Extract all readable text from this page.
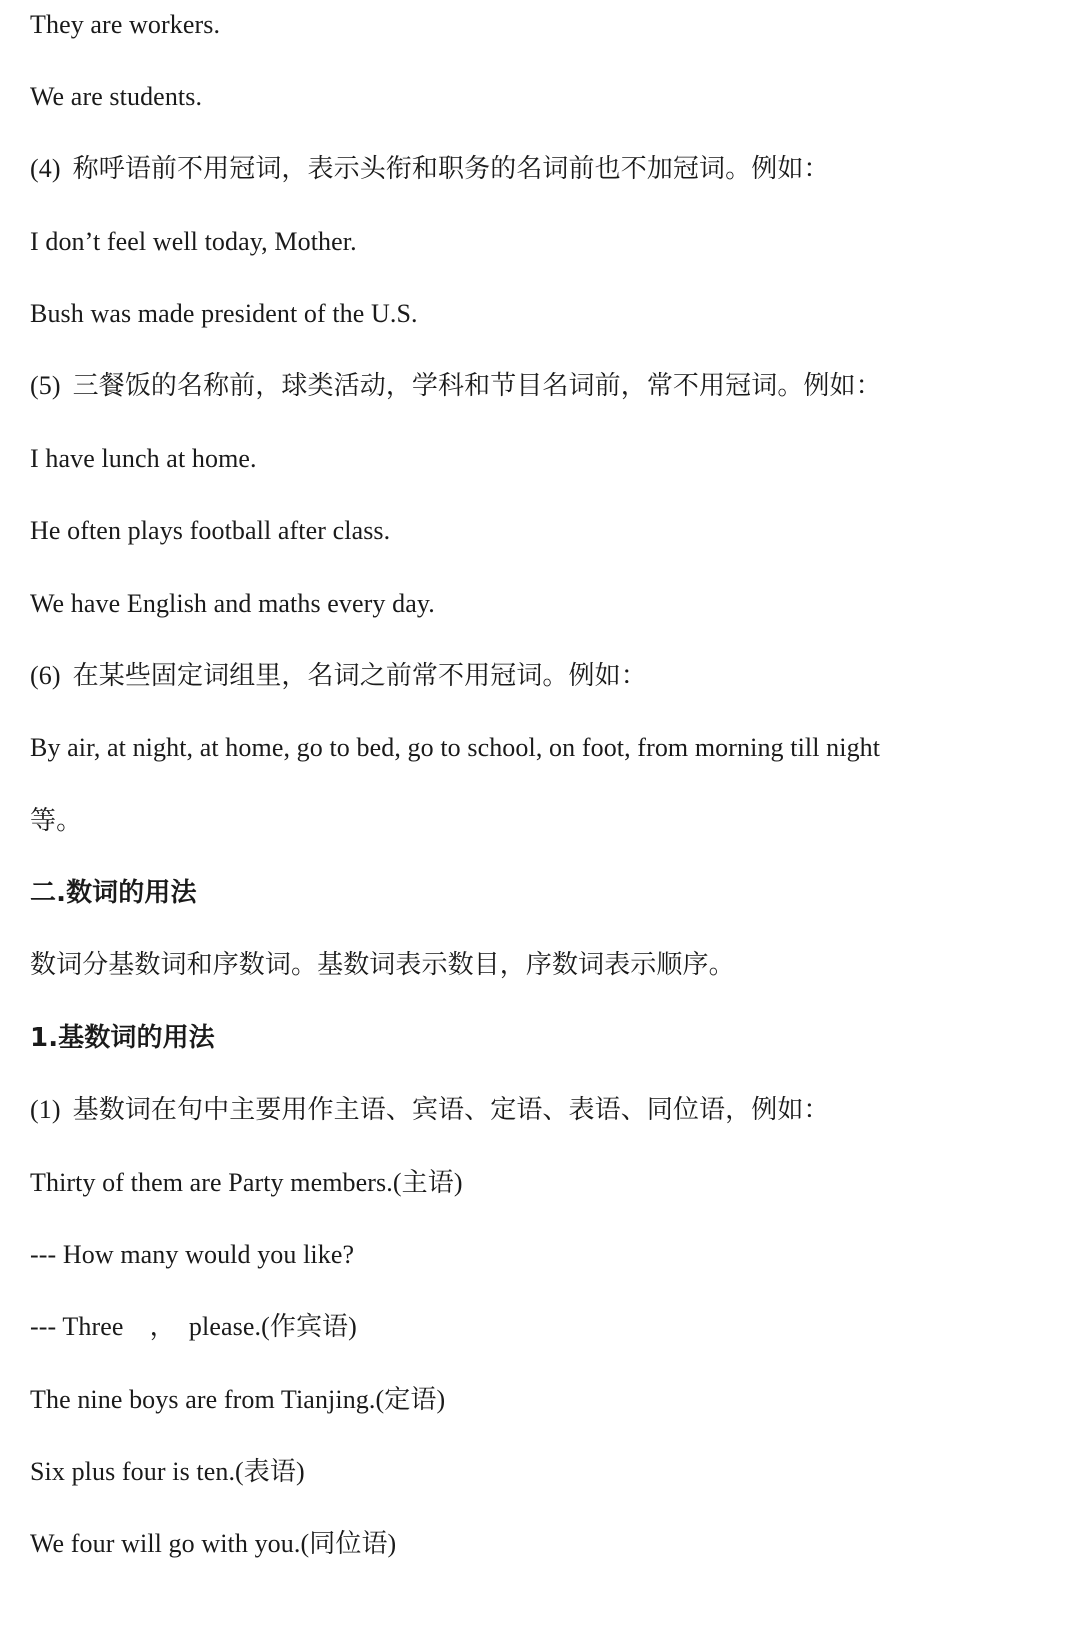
They are workers.
We are students.
(4) 称呼语前不用冠词，表示头衔和职务的名词前也不加冠词。例如：
I don’t feel well today, Mother.
Bush was made president of the U.S.
(5) 三餐饭的名称前，球类活动，学科和节目名词前，常不用冠词。例如：
I have lunch at home.
He often plays football after class.
We have English and maths every day.
(6) 在某些固定词组里，名词之前常不用冠词。例如：
By air, at night, at home, go to bed, go to school, on foot, from morning till night
等。
二.数词的用法
数词分基数词和序数词。基数词表示数目，序数词表示顺序。
1.基数词的用法
(1) 基数词在句中主要用作主语、宾语、定语、表语、同位语，例如：
Thirty of them are Party members.(主语)
--- How many would you like?
--- Three　，  please.(作宾语)
The nine boys are from Tianjing.(定语)
Six plus four is ten.(表语)
We four will go with you.(同位语)
